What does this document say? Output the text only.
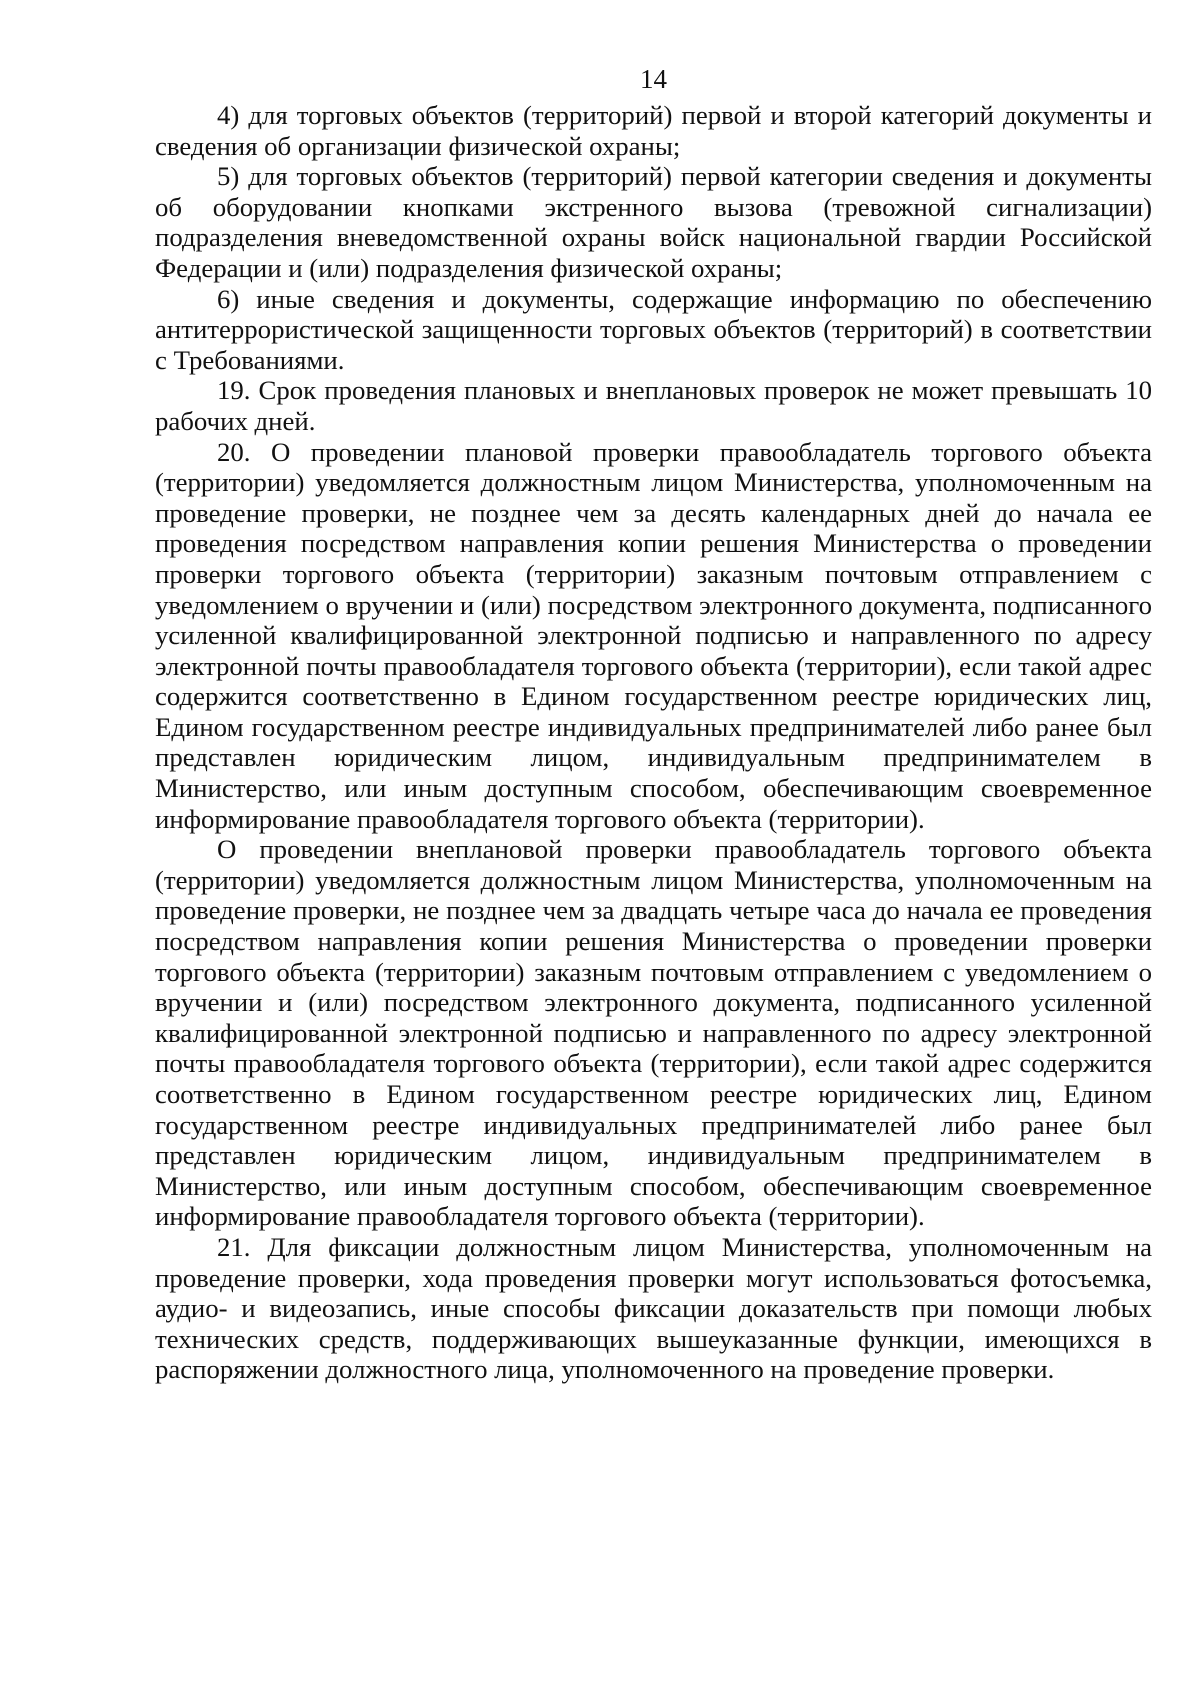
14

4) для торговых объектов (территорий) первой и второй категорий документы и сведения об организации физической охраны;

5) для торговых объектов (территорий) первой категории сведения и документы об оборудовании кнопками экстренного вызова (тревожной сигнализации) подразделения вневедомственной охраны войск национальной гвардии Российской Федерации и (или) подразделения физической охраны;

6) иные сведения и документы, содержащие информацию по обеспечению антитеррористической защищенности торговых объектов (территорий) в соответствии с Требованиями.

19. Срок проведения плановых и внеплановых проверок не может превышать 10 рабочих дней.

20. О проведении плановой проверки правообладатель торгового объекта (территории) уведомляется должностным лицом Министерства, уполномоченным на проведение проверки, не позднее чем за десять календарных дней до начала ее проведения посредством направления копии решения Министерства о проведении проверки торгового объекта (территории) заказным почтовым отправлением с уведомлением о вручении и (или) посредством электронного документа, подписанного усиленной квалифицированной электронной подписью и направленного по адресу электронной почты правообладателя торгового объекта (территории), если такой адрес содержится соответственно в Едином государственном реестре юридических лиц, Едином государственном реестре индивидуальных предпринимателей либо ранее был представлен юридическим лицом, индивидуальным предпринимателем в Министерство, или иным доступным способом, обеспечивающим своевременное информирование правообладателя торгового объекта (территории).

О проведении внеплановой проверки правообладатель торгового объекта (территории) уведомляется должностным лицом Министерства, уполномоченным на проведение проверки, не позднее чем за двадцать четыре часа до начала ее проведения посредством направления копии решения Министерства о проведении проверки торгового объекта (территории) заказным почтовым отправлением с уведомлением о вручении и (или) посредством электронного документа, подписанного усиленной квалифицированной электронной подписью и направленного по адресу электронной почты правообладателя торгового объекта (территории), если такой адрес содержится соответственно в Едином государственном реестре юридических лиц, Едином государственном реестре индивидуальных предпринимателей либо ранее был представлен юридическим лицом, индивидуальным предпринимателем в Министерство, или иным доступным способом, обеспечивающим своевременное информирование правообладателя торгового объекта (территории).

21. Для фиксации должностным лицом Министерства, уполномоченным на проведение проверки, хода проведения проверки могут использоваться фотосъемка, аудио- и видеозапись, иные способы фиксации доказательств при помощи любых технических средств, поддерживающих вышеуказанные функции, имеющихся в распоряжении должностного лица, уполномоченного на проведение проверки.
